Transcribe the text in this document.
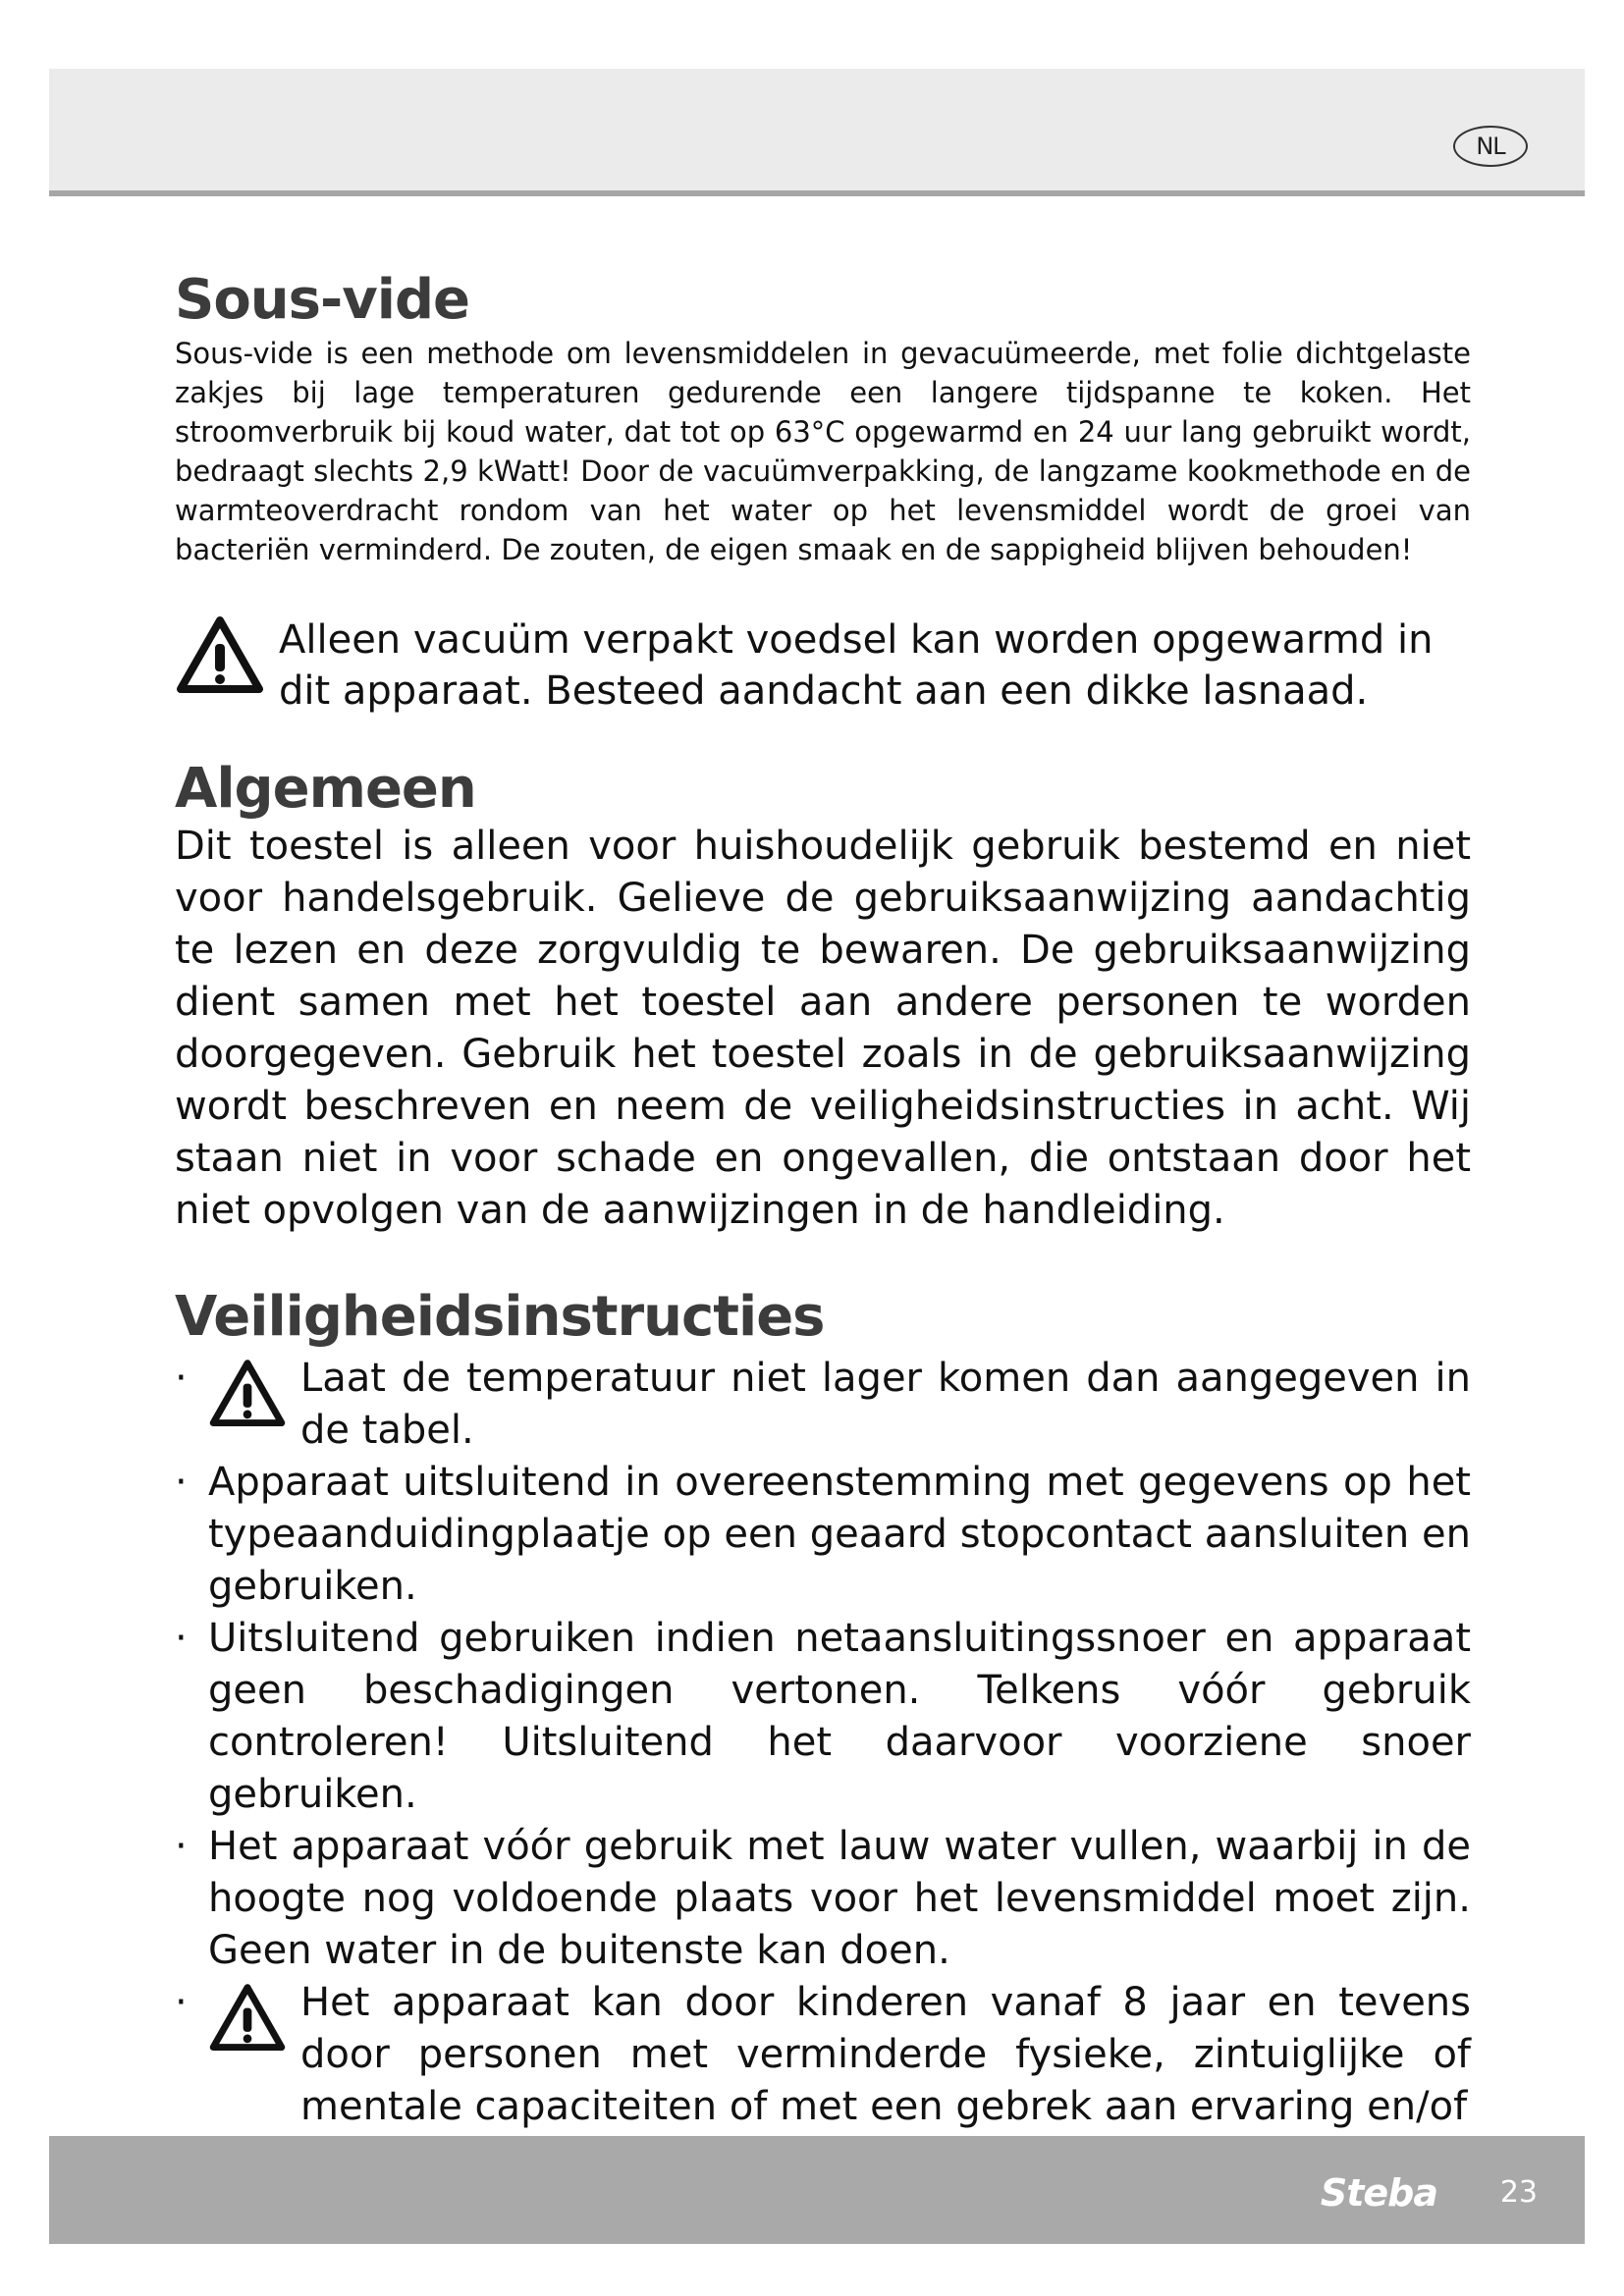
NL
Sous-vide

Sous-vide is een methode om levensmiddelen in gevacuümeerde, met folie dichtgelaste zakjes bij lage temperaturen gedurende een langere tijdspanne te koken. Het stroomverbruik bij koud water, dat tot op 63°C opgewarmd en 24 uur lang gebruikt wordt, bedraagt slechts 2,9 kWatt! Door de vacuümverpakking, de langzame kookmethode en de warmteoverdracht rondom van het water op het levensmiddel wordt de groei van bacteriën verminderd. De zouten, de eigen smaak en de sappigheid blijven behouden!

Alleen vacuüm verpakt voedsel kan worden opgewarmd in dit apparaat. Besteed aandacht aan een dikke lasnaad.
Algemeen

Dit toestel is alleen voor huishoudelijk gebruik bestemd en niet voor handelsgebruik. Gelieve de gebruiksaanwijzing aandachtig te lezen en deze zorgvuldig te bewaren. De gebruiksaanwijzing dient samen met het toestel aan andere personen te worden doorgegeven. Gebruik het toestel zoals in de gebruiksaanwijzing wordt beschreven en neem de veiligheidsinstructies in acht. Wij staan niet in voor schade en ongevallen, die ontstaan door het niet opvolgen van de aanwijzingen in de handleiding.

Veiligheidsinstructies
·	Laat de temperatuur niet lager komen dan aangegeven in de tabel.
· Apparaat uitsluitend in overeenstemming met gegevens op het typeaanduidingplaatje op een geaard stopcontact aansluiten en gebruiken.
· Uitsluitend gebruiken indien netaansluitingssnoer en apparaat geen beschadigingen vertonen. Telkens vóór gebruik controleren! Uitsluitend het daarvoor voorziene snoer gebruiken.
· Het apparaat vóór gebruik met lauw water vullen, waarbij in de hoogte nog voldoende plaats voor het levensmiddel moet zijn. Geen water in de buitenste kan doen.
·	Het apparaat kan door kinderen vanaf 8 jaar en tevens door personen met verminderde fysieke, zintuiglijke of mentale capaciteiten of met een gebrek aan ervaring en/of
Steba 23
